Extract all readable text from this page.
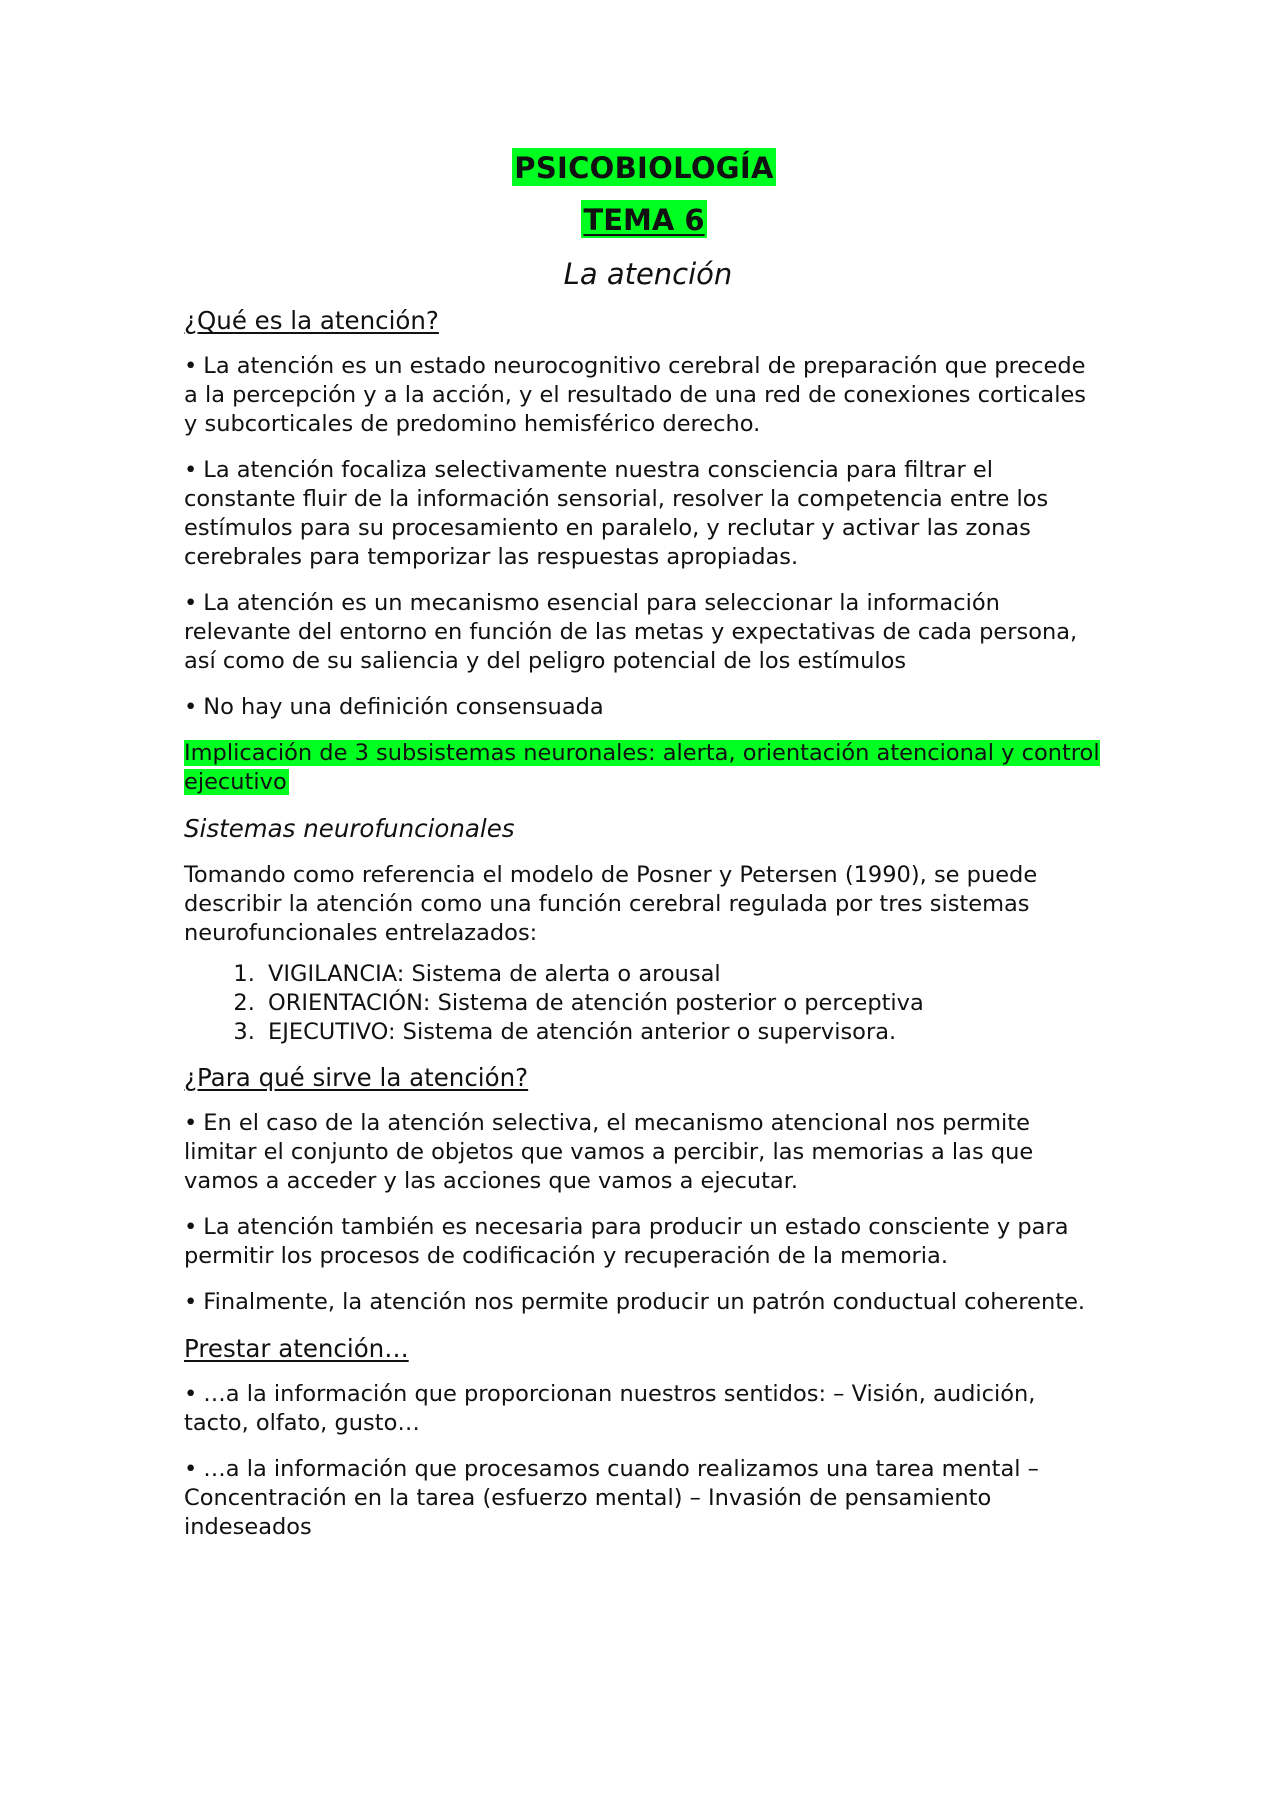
PSICOBIOLOGÍA
TEMA 6
La atención
¿Qué es la atención?
• La atención es un estado neurocognitivo cerebral de preparación que precede a la percepción y a la acción, y el resultado de una red de conexiones corticales y subcorticales de predomino hemisférico derecho.
• La atención focaliza selectivamente nuestra consciencia para filtrar el constante fluir de la información sensorial, resolver la competencia entre los estímulos para su procesamiento en paralelo, y reclutar y activar las zonas cerebrales para temporizar las respuestas apropiadas.
• La atención es un mecanismo esencial para seleccionar la información relevante del entorno en función de las metas y expectativas de cada persona, así como de su saliencia y del peligro potencial de los estímulos
• No hay una definición consensuada
Implicación de 3 subsistemas neuronales: alerta, orientación atencional y control ejecutivo
Sistemas neurofuncionales
Tomando como referencia el modelo de Posner y Petersen (1990), se puede describir la atención como una función cerebral regulada por tres sistemas neurofuncionales entrelazados:
1. VIGILANCIA: Sistema de alerta o arousal
2. ORIENTACIÓN: Sistema de atención posterior o perceptiva
3. EJECUTIVO: Sistema de atención anterior o supervisora.
¿Para qué sirve la atención?
• En el caso de la atención selectiva, el mecanismo atencional nos permite limitar el conjunto de objetos que vamos a percibir, las memorias a las que vamos a acceder y las acciones que vamos a ejecutar.
• La atención también es necesaria para producir un estado consciente y para permitir los procesos de codificación y recuperación de la memoria.
• Finalmente, la atención nos permite producir un patrón conductual coherente.
Prestar atención…
• …a la información que proporcionan nuestros sentidos: – Visión, audición, tacto, olfato, gusto…
• …a la información que procesamos cuando realizamos una tarea mental – Concentración en la tarea (esfuerzo mental) – Invasión de pensamiento indeseados
